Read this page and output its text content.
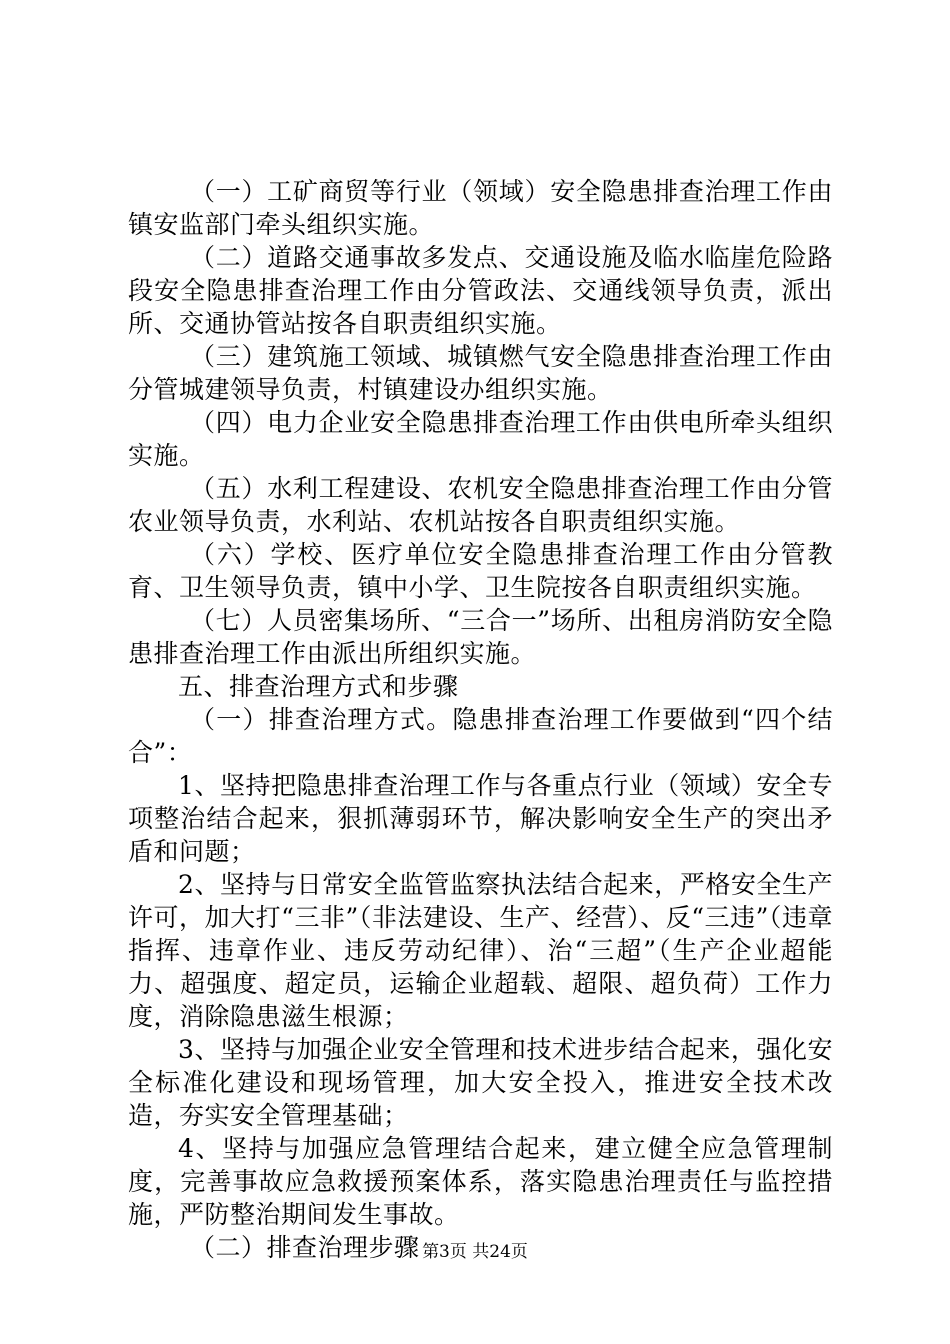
（一）工矿商贸等行业（领域）安全隐患排查治理工作由镇安监部门牵头组织实施。

（二）道路交通事故多发点、交通设施及临水临崖危险路段安全隐患排查治理工作由分管政法、交通线领导负责，派出所、交通协管站按各自职责组织实施。

（三）建筑施工领域、城镇燃气安全隐患排查治理工作由分管城建领导负责，村镇建设办组织实施。

（四）电力企业安全隐患排查治理工作由供电所牵头组织实施。

（五）水利工程建设、农机安全隐患排查治理工作由分管农业领导负责，水利站、农机站按各自职责组织实施。

（六）学校、医疗单位安全隐患排查治理工作由分管教育、卫生领导负责，镇中小学、卫生院按各自职责组织实施。

（七）人员密集场所、“三合一”场所、出租房消防安全隐患排查治理工作由派出所组织实施。

五、排查治理方式和步骤

（一）排查治理方式。隐患排查治理工作要做到“四个结合”：

1、坚持把隐患排查治理工作与各重点行业（领域）安全专项整治结合起来，狠抓薄弱环节，解决影响安全生产的突出矛盾和问题；

2、坚持与日常安全监管监察执法结合起来，严格安全生产许可，加大打“三非”（非法建设、生产、经营）、反“三违”（违章指挥、违章作业、违反劳动纪律）、治“三超”（生产企业超能力、超强度、超定员，运输企业超载、超限、超负荷）工作力度，消除隐患滋生根源；

3、坚持与加强企业安全管理和技术进步结合起来，强化安全标准化建设和现场管理，加大安全投入，推进安全技术改造，夯实安全管理基础；

4、坚持与加强应急管理结合起来，建立健全应急管理制度，完善事故应急救援预案体系，落实隐患治理责任与监控措施，严防整治期间发生事故。

（二）排查治理步骤 第3页 共24页
